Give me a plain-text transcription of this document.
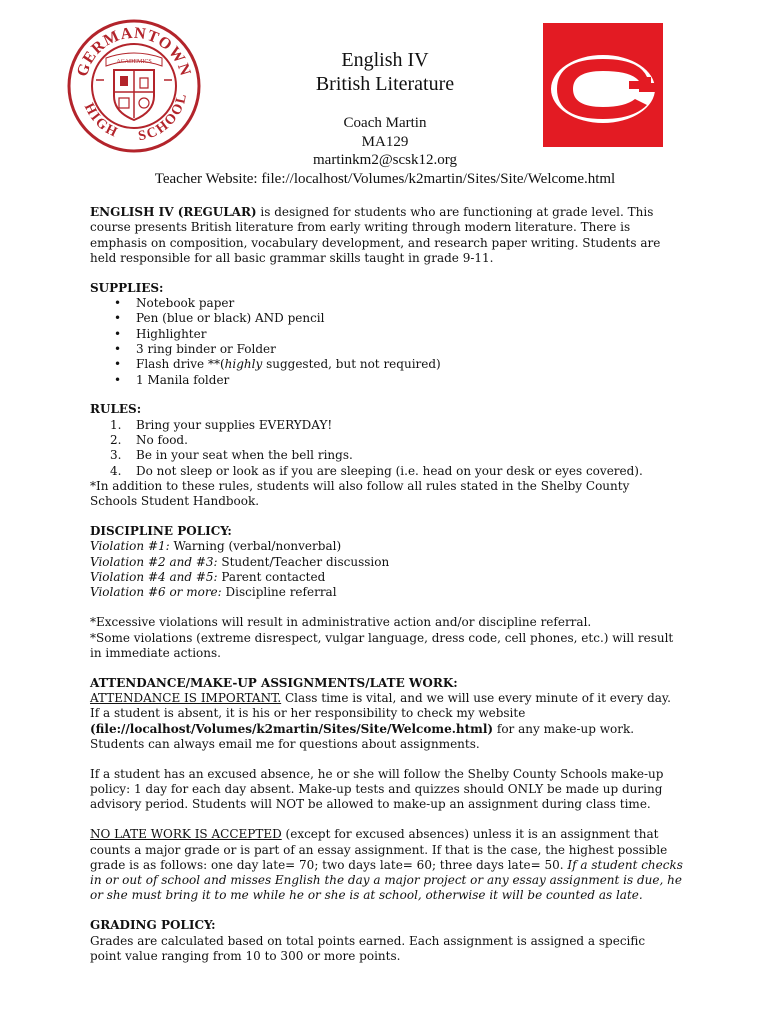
GERMANTOWN
HIGH SCHOOL
ACADEMICS	English IV
British Literature
Coach Martin
MA129
martinkm2@scsk12.org
Teacher Website: file://localhost/Volumes/k2martin/Sites/Site/Welcome.html

ENGLISH IV (REGULAR) is designed for students who are functioning at grade level. This
course presents British literature from early writing through modern literature. There is
emphasis on composition, vocabulary development, and research paper writing. Students are
held responsible for all basic grammar skills taught in grade 9-11.

SUPPLIES:

• Notebook paper
• Pen (blue or black) AND pencil
• Highlighter
• 3 ring binder or Folder
• Flash drive **(highly suggested, but not required)
• 1 Manila folder

RULES:

1. Bring your supplies EVERYDAY!
2. No food.
3. Be in your seat when the bell rings.
4. Do not sleep or look as if you are sleeping (i.e. head on your desk or eyes covered).

*In addition to these rules, students will also follow all rules stated in the Shelby County
Schools Student Handbook.

DISCIPLINE POLICY:

Violation #1: Warning (verbal/nonverbal)
Violation #2 and #3: Student/Teacher discussion
Violation #4 and #5: Parent contacted
Violation #6 or more: Discipline referral

*Excessive violations will result in administrative action and/or discipline referral.
*Some violations (extreme disrespect, vulgar language, dress code, cell phones, etc.) will result
in immediate actions.

ATTENDANCE/MAKE-UP ASSIGNMENTS/LATE WORK:

ATTENDANCE IS IMPORTANT. Class time is vital, and we will use every minute of it every day.
If a student is absent, it is his or her responsibility to check my website
(file://localhost/Volumes/k2martin/Sites/Site/Welcome.html) for any make-up work.
Students can always email me for questions about assignments.

If a student has an excused absence, he or she will follow the Shelby County Schools make-up
policy: 1 day for each day absent. Make-up tests and quizzes should ONLY be made up during
advisory period. Students will NOT be allowed to make-up an assignment during class time.

NO LATE WORK IS ACCEPTED (except for excused absences) unless it is an assignment that
counts a major grade or is part of an essay assignment. If that is the case, the highest possible
grade is as follows: one day late= 70; two days late= 60; three days late= 50. If a student checks
in or out of school and misses English the day a major project or any essay assignment is due, he
or she must bring it to me while he or she is at school, otherwise it will be counted as late.

GRADING POLICY:

Grades are calculated based on total points earned. Each assignment is assigned a specific
point value ranging from 10 to 300 or more points.
